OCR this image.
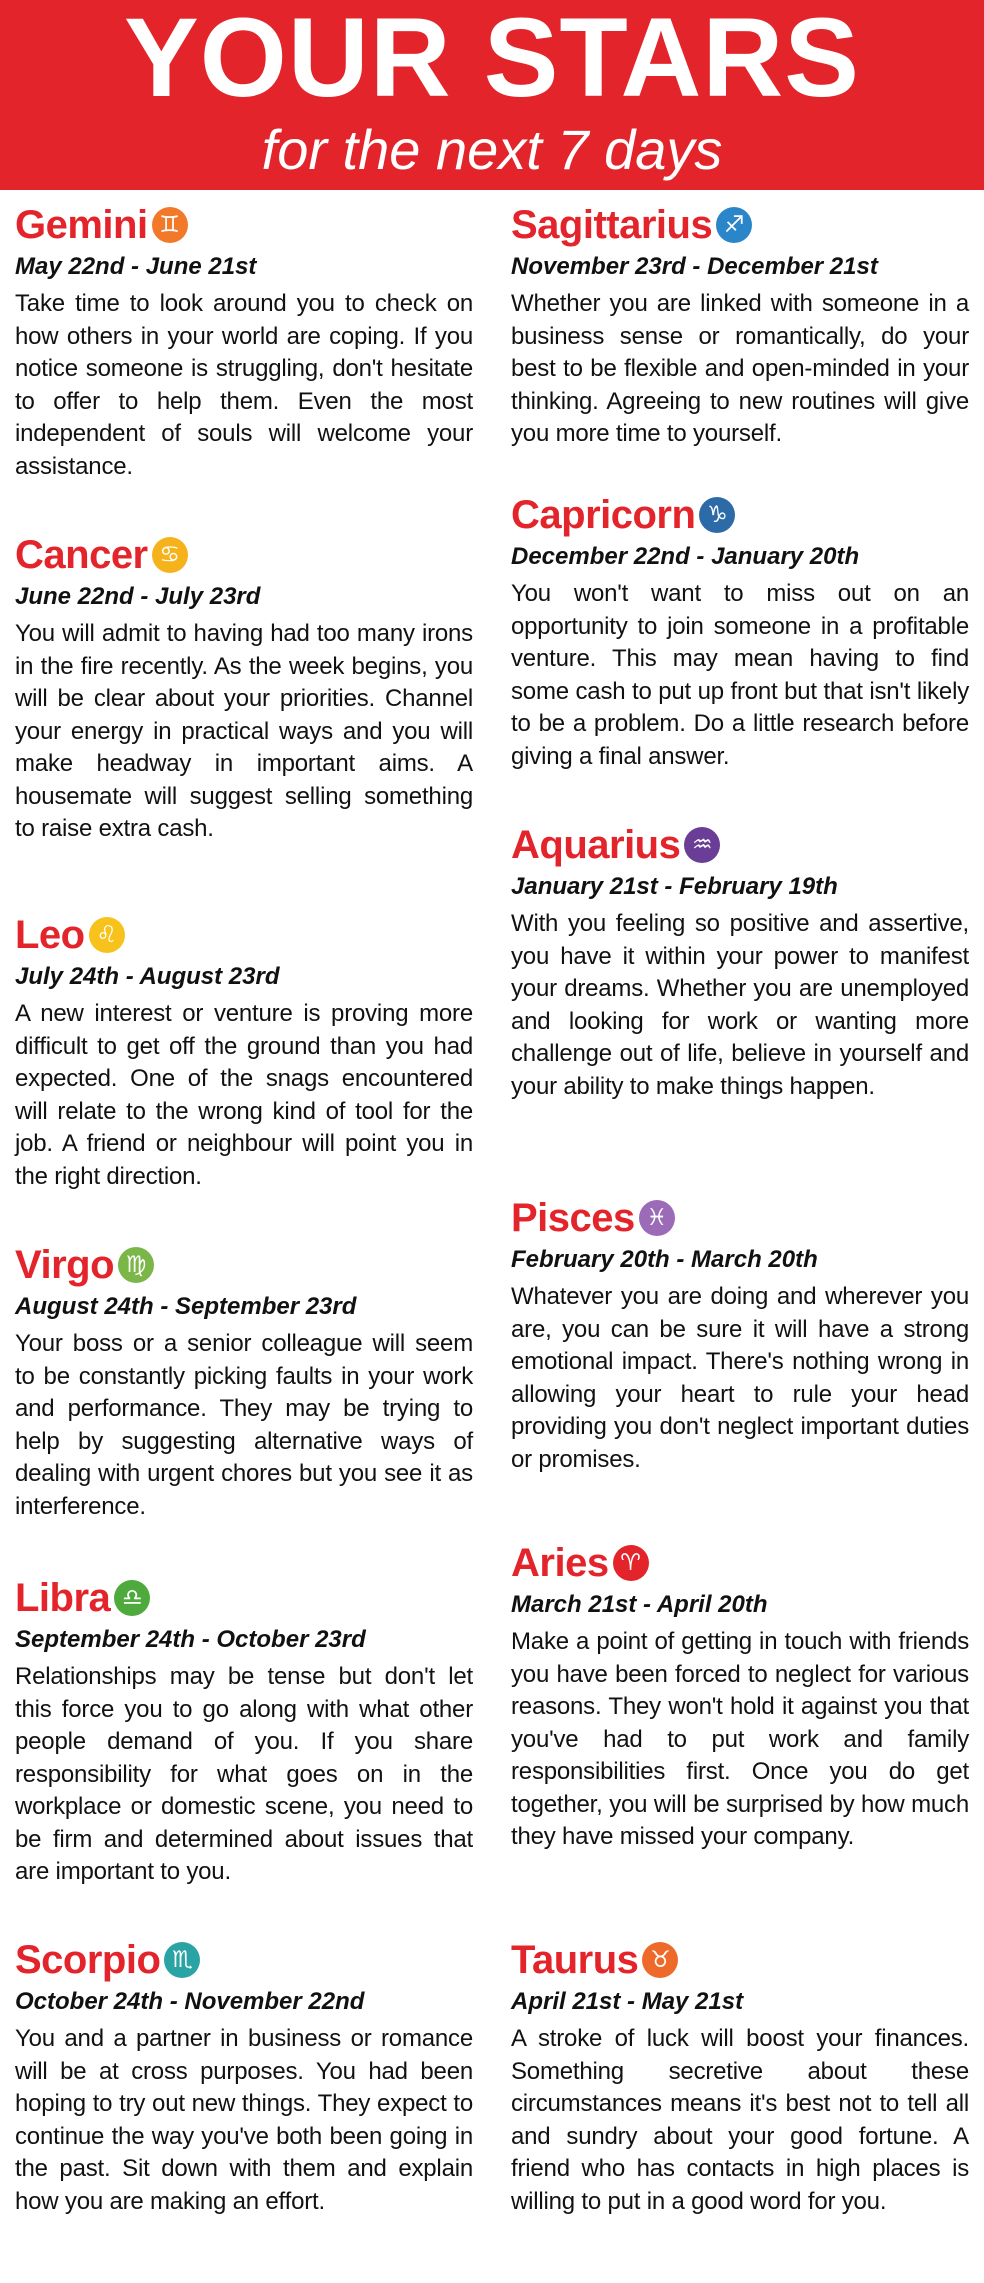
YOUR STARS
for the next 7 days
Gemini ♊
May 22nd - June 21st
Take time to look around you to check on how others in your world are coping. If you notice someone is struggling, don't hesitate to offer to help them. Even the most independent of souls will welcome your assistance.
Cancer ♋
June 22nd - July 23rd
You will admit to having had too many irons in the fire recently. As the week begins, you will be clear about your priorities. Channel your energy in practical ways and you will make headway in important aims. A housemate will suggest selling something to raise extra cash.
Leo ♌
July 24th - August 23rd
A new interest or venture is proving more difficult to get off the ground than you had expected. One of the snags encountered will relate to the wrong kind of tool for the job. A friend or neighbour will point you in the right direction.
Virgo ♍
August 24th - September 23rd
Your boss or a senior colleague will seem to be constantly picking faults in your work and performance. They may be trying to help by suggesting alternative ways of dealing with urgent chores but you see it as interference.
Libra ♎
September 24th - October 23rd
Relationships may be tense but don't let this force you to go along with what other people demand of you. If you share responsibility for what goes on in the workplace or domestic scene, you need to be firm and determined about issues that are important to you.
Scorpio ♏
October 24th - November 22nd
You and a partner in business or romance will be at cross purposes. You had been hoping to try out new things. They expect to continue the way you've both been going in the past. Sit down with them and explain how you are making an effort.
Sagittarius ♐
November 23rd - December 21st
Whether you are linked with someone in a business sense or romantically, do your best to be flexible and open-minded in your thinking. Agreeing to new routines will give you more time to yourself.
Capricorn ♑
December 22nd - January 20th
You won't want to miss out on an opportunity to join someone in a profitable venture. This may mean having to find some cash to put up front but that isn't likely to be a problem. Do a little research before giving a final answer.
Aquarius ♒
January 21st - February 19th
With you feeling so positive and assertive, you have it within your power to manifest your dreams. Whether you are unemployed and looking for work or wanting more challenge out of life, believe in yourself and your ability to make things happen.
Pisces ♓
February 20th - March 20th
Whatever you are doing and wherever you are, you can be sure it will have a strong emotional impact. There's nothing wrong in allowing your heart to rule your head providing you don't neglect important duties or promises.
Aries ♈
March 21st - April 20th
Make a point of getting in touch with friends you have been forced to neglect for various reasons. They won't hold it against you that you've had to put work and family responsibilities first. Once you do get together, you will be surprised by how much they have missed your company.
Taurus ♉
April 21st - May 21st
A stroke of luck will boost your finances. Something secretive about these circumstances means it's best not to tell all and sundry about your good fortune. A friend who has contacts in high places is willing to put in a good word for you.
